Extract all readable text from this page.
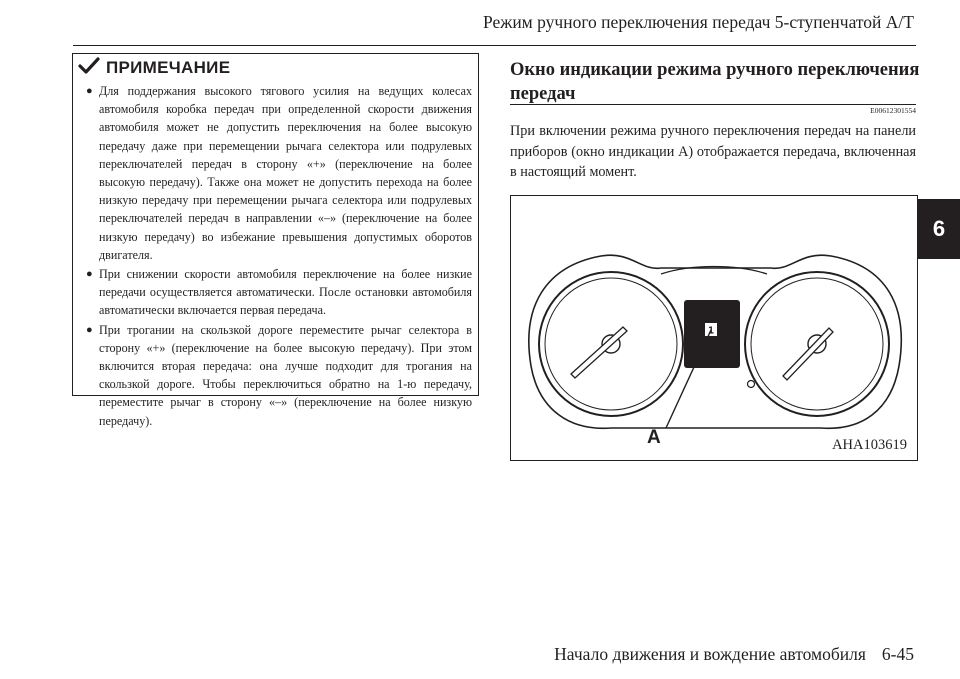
Режим ручного переключения передач 5-ступенчатой А/Т
6
ПРИМЕЧАНИЕ
● Для поддержания высокого тягового усилия на ведущих колесах автомобиля коробка передач при определенной скорости движения автомобиля может не допустить переключения на более высокую передачу даже при перемещении рычага селектора или подрулевых переключателей передач в сторону «+» (переключение на более высокую передачу). Также она может не допустить перехода на более низкую передачу при перемещении рычага селектора или подрулевых переключателей передач в направлении «–» (переключение на более низкую передачу) во избежание превышения допустимых оборотов двигателя.
● При снижении скорости автомобиля переключение на более низкие передачи осуществляется автоматически. После остановки автомобиля автоматически включается первая передача.
● При трогании на скользкой дороге переместите рычаг селектора в сторону «+» (переключение на более высокую передачу). При этом включится вторая передача: она лучше подходит для трогания на скользкой дороге. Чтобы переключиться обратно на 1-ю передачу, переместите рычаг в сторону «–» (переключение на более низкую передачу).
Окно индикации режима ручного переключения передач
E00612301554
При включении режима ручного переключения передач на панели приборов (окно индикации А) отображается передача, включенная в настоящий момент.
1
A	AHA103619
Начало движения и вождение автомобиля 6-45
